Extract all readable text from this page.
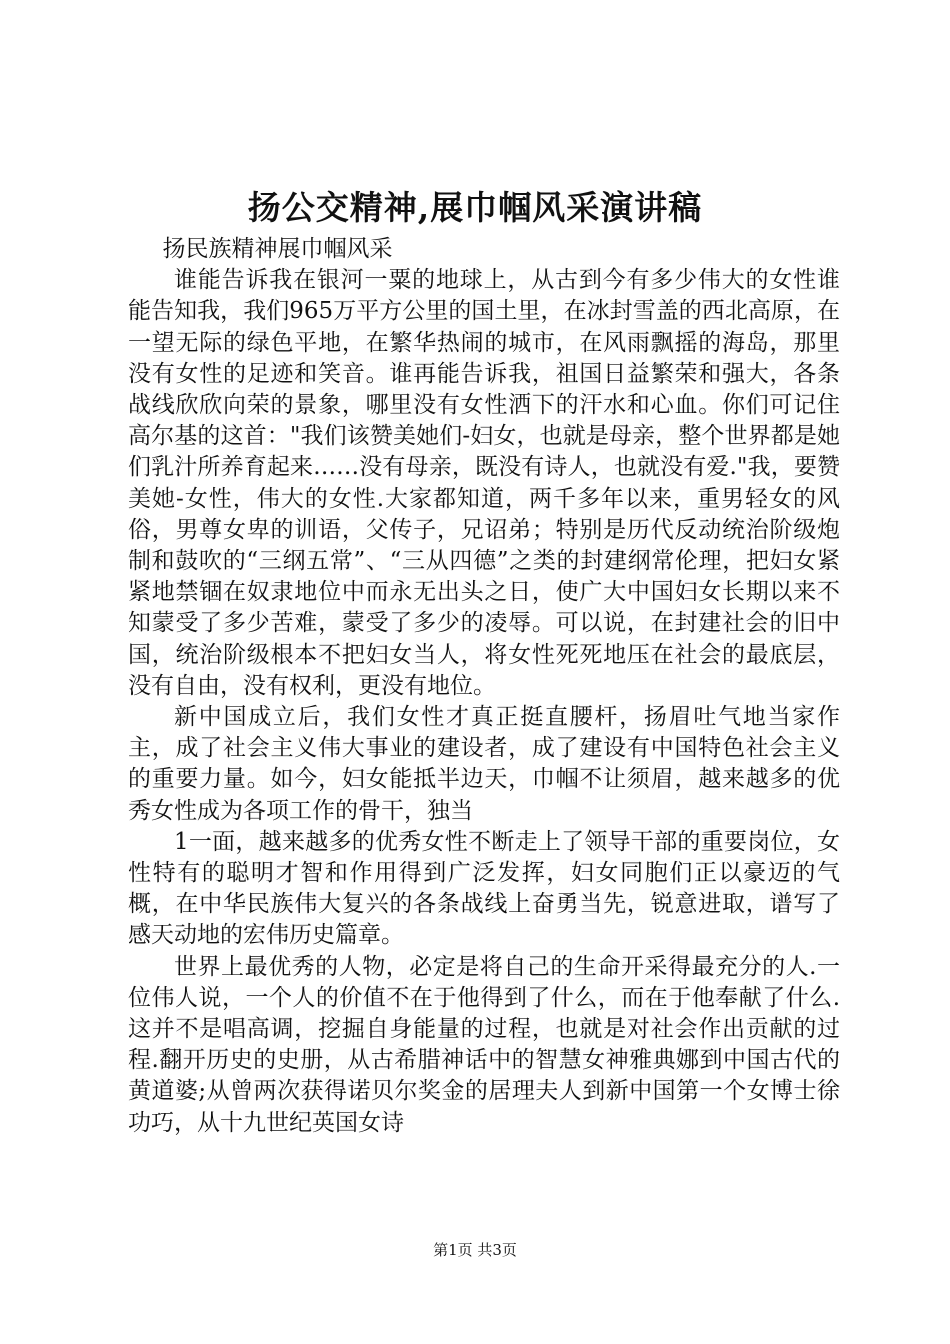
扬公交精神,展巾帼风采演讲稿

扬民族精神展巾帼风采

谁能告诉我在银河一粟的地球上，从古到今有多少伟大的女性谁能告知我，我们965万平方公里的国土里，在冰封雪盖的西北高原，在一望无际的绿色平地，在繁华热闹的城市，在风雨飘摇的海岛，那里没有女性的足迹和笑音。谁再能告诉我，祖国日益繁荣和强大，各条战线欣欣向荣的景象，哪里没有女性洒下的汗水和心血。你们可记住高尔基的这首："我们该赞美她们-妇女，也就是母亲，整个世界都是她们乳汁所养育起来……没有母亲，既没有诗人，也就没有爱."我，要赞美她-女性，伟大的女性.大家都知道，两千多年以来，重男轻女的风俗，男尊女卑的训语，父传子，兄诏弟；特别是历代反动统治阶级炮制和鼓吹的“三纲五常”、“三从四德”之类的封建纲常伦理，把妇女紧紧地禁锢在奴隶地位中而永无出头之日，使广大中国妇女长期以来不知蒙受了多少苦难，蒙受了多少的凌辱。可以说，在封建社会的旧中国，统治阶级根本不把妇女当人，将女性死死地压在社会的最底层，没有自由，没有权利，更没有地位。

新中国成立后，我们女性才真正挺直腰杆，扬眉吐气地当家作主，成了社会主义伟大事业的建设者，成了建设有中国特色社会主义的重要力量。如今，妇女能抵半边天，巾帼不让须眉，越来越多的优秀女性成为各项工作的骨干，独当

1一面，越来越多的优秀女性不断走上了领导干部的重要岗位，女性特有的聪明才智和作用得到广泛发挥，妇女同胞们正以豪迈的气概，在中华民族伟大复兴的各条战线上奋勇当先，锐意进取，谱写了感天动地的宏伟历史篇章。

世界上最优秀的人物，必定是将自己的生命开采得最充分的人.一位伟人说，一个人的价值不在于他得到了什么，而在于他奉献了什么.这并不是唱高调，挖掘自身能量的过程，也就是对社会作出贡献的过程.翻开历史的史册，从古希腊神话中的智慧女神雅典娜到中国古代的黄道婆;从曾两次获得诺贝尔奖金的居理夫人到新中国第一个女博士徐功巧，从十九世纪英国女诗

第1页 共3页
